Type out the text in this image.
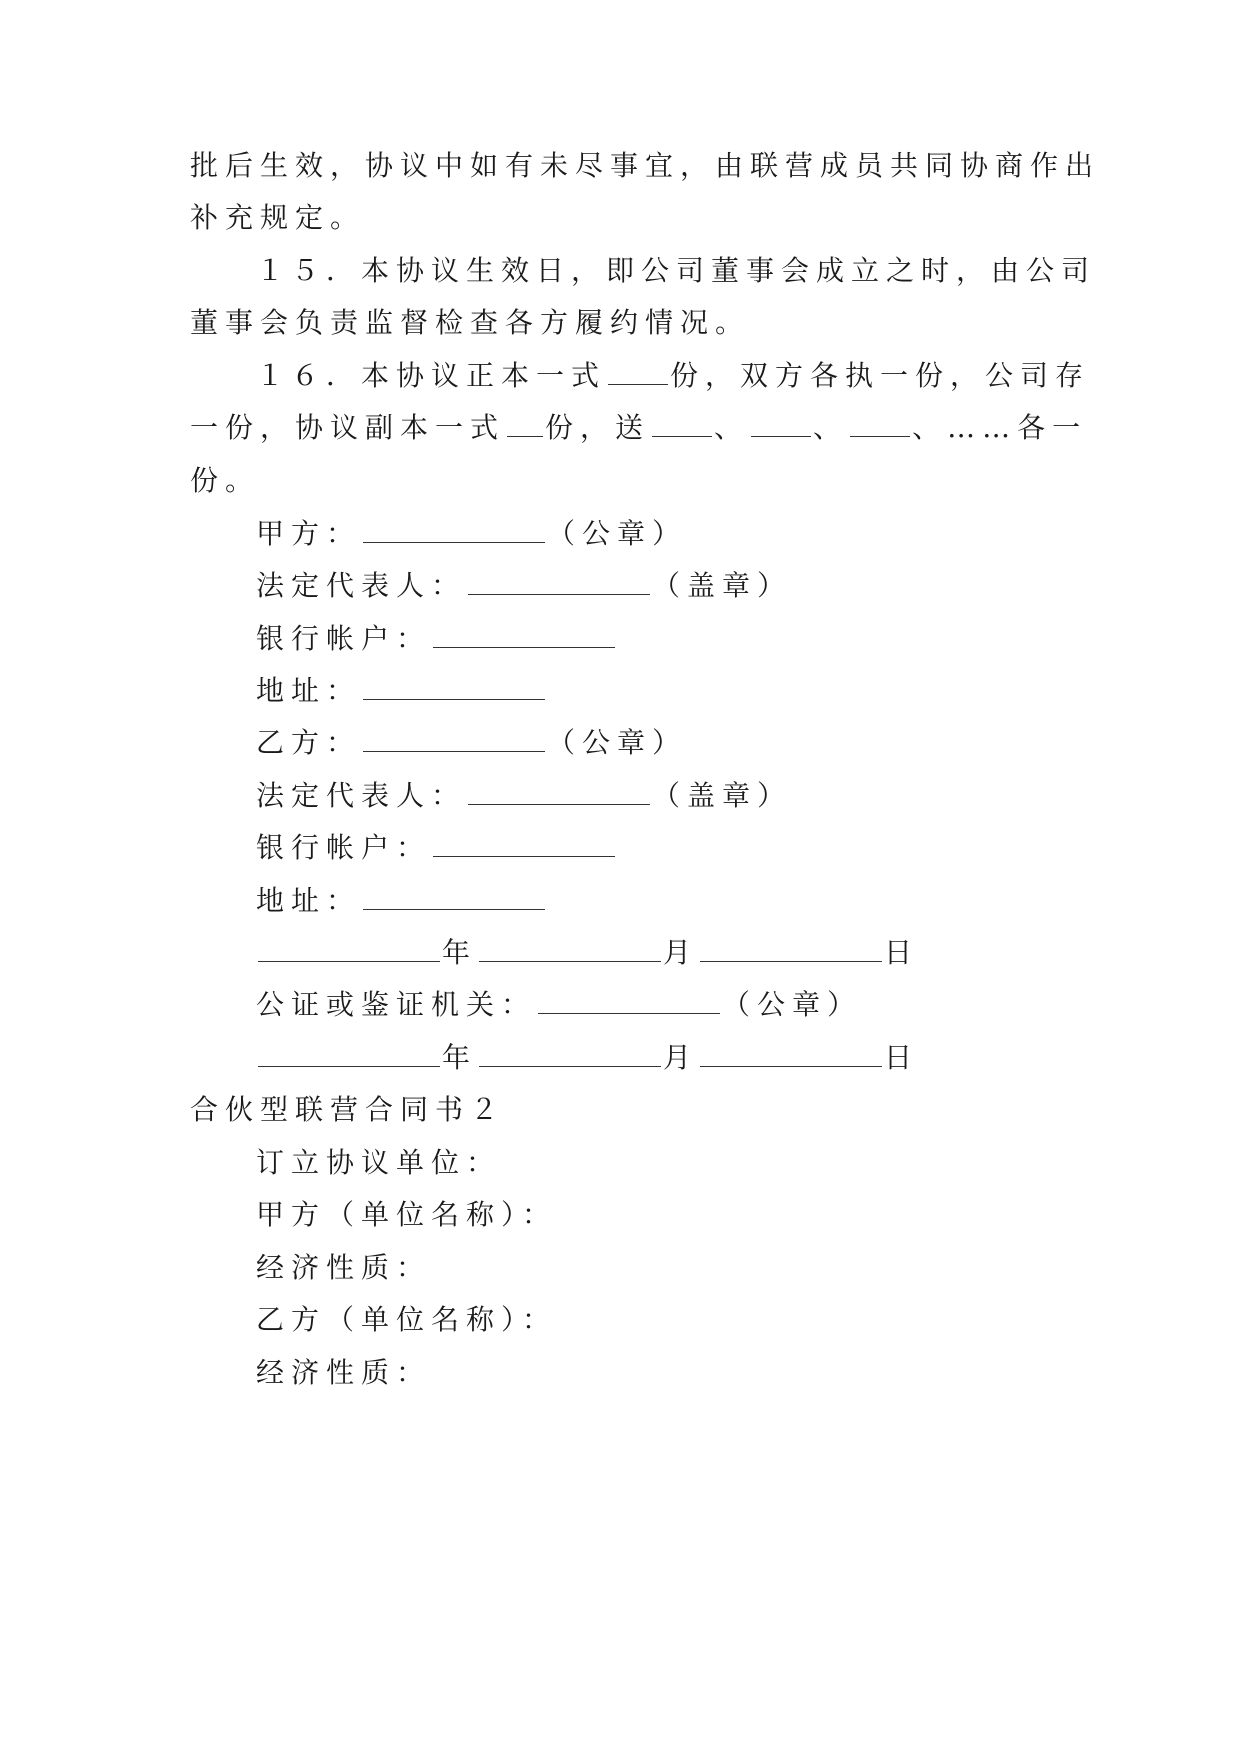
批后生效，协议中如有未尽事宜，由联营成员共同协商作出
补充规定。
１５．本协议生效日，即公司董事会成立之时，由公司
董事会负责监督检查各方履约情况。
１６．本协议正本一式 份，双方各执一份，公司存
一份，协议副本一式 份，送 、 、 、……各一
份。
甲方：	（公章）
法定代表人：	（盖章）
银行帐户：
地址：
乙方：	（公章）
法定代表人：	（盖章）
银行帐户：
地址：
年	月	日
公证或鉴证机关：	（公章）
年	月	日
合伙型联营合同书２
订立协议单位：
甲方（单位名称）：
经济性质：
乙方（单位名称）：
经济性质：
